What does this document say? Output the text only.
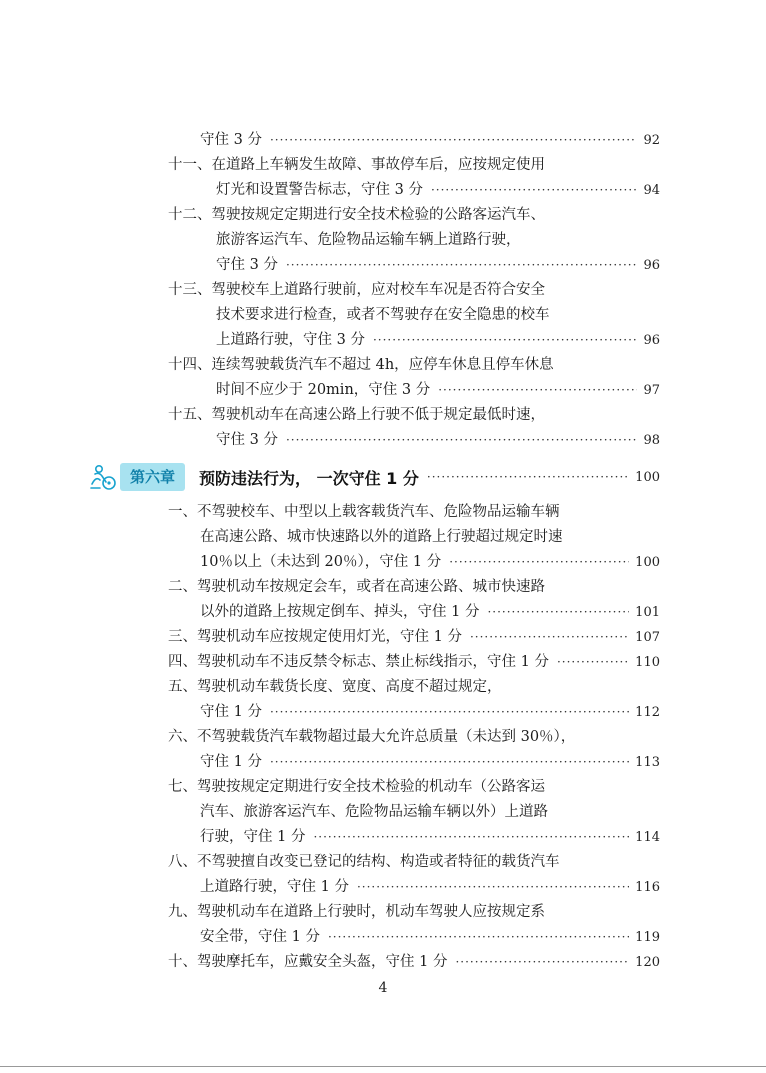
守住 3 分 ·····	92
十一、在道路上车辆发生故障、事故停车后，应按规定使用
灯光和设置警告标志，守住 3 分 ·····	94
十二、驾驶按规定定期进行安全技术检验的公路客运汽车、
旅游客运汽车、危险物品运输车辆上道路行驶，
守住 3 分 ·····	96
十三、驾驶校车上道路行驶前，应对校车车况是否符合安全
技术要求进行检查，或者不驾驶存在安全隐患的校车
上道路行驶，守住 3 分 ·····	96
十四、连续驾驶载货汽车不超过 4h，应停车休息且停车休息
时间不应少于 20min，守住 3 分 ·····	97
十五、驾驶机动车在高速公路上行驶不低于规定最低时速，
守住 3 分 ·····	98
第六章	预防违法行为， 一次守住 1 分 ·····	100
一、不驾驶校车、中型以上载客载货汽车、危险物品运输车辆
在高速公路、城市快速路以外的道路上行驶超过规定时速
10％以上（未达到 20％），守住 1 分 ·····	100
二、驾驶机动车按规定会车，或者在高速公路、城市快速路
以外的道路上按规定倒车、掉头，守住 1 分 ·····	101
三、驾驶机动车应按规定使用灯光，守住 1 分 ·····	107
四、驾驶机动车不违反禁令标志、禁止标线指示，守住 1 分 ·····	110
五、驾驶机动车载货长度、宽度、高度不超过规定，
守住 1 分 ·····	112
六、不驾驶载货汽车载物超过最大允许总质量（未达到 30％），
守住 1 分 ·····	113
七、驾驶按规定定期进行安全技术检验的机动车（公路客运
汽车、旅游客运汽车、危险物品运输车辆以外）上道路
行驶，守住 1 分 ·····	114
八、不驾驶擅自改变已登记的结构、构造或者特征的载货汽车
上道路行驶，守住 1 分 ·····	116
九、驾驶机动车在道路上行驶时，机动车驾驶人应按规定系
安全带，守住 1 分 ·····	119
十、驾驶摩托车，应戴安全头盔，守住 1 分 ·····	120
4
